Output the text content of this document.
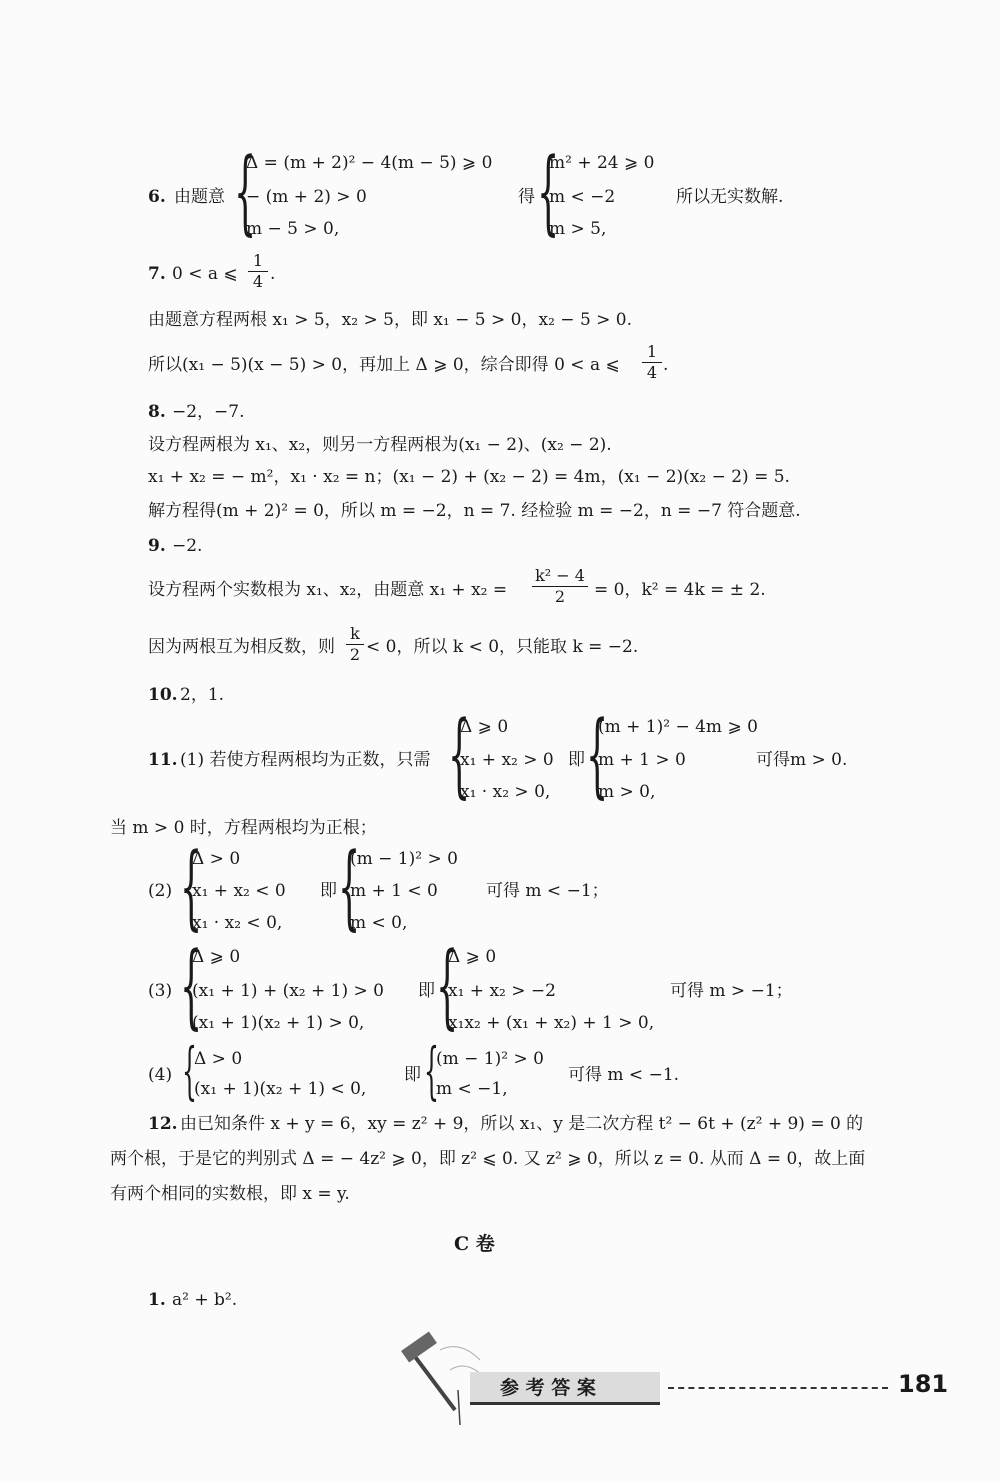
6. 由题意 {
Δ = (m + 2)² − 4(m − 5) ⩾ 0
− (m + 2) > 0
m − 5 > 0,
得 {
m² + 24 ⩾ 0
m < −2
m > 5,
所以无实数解.
7. 0 < a ⩽
1
4 .
由题意方程两根 x₁ > 5，x₂ > 5，即 x₁ − 5 > 0，x₂ − 5 > 0.
所以(x₁ − 5)(x − 5) > 0，再加上 Δ ⩾ 0，综合即得 0 < a ⩽
1
4 .
8. −2，−7.
设方程两根为 x₁、x₂，则另一方程两根为(x₁ − 2)、(x₂ − 2).
x₁ + x₂ = − m²，x₁ · x₂ = n；(x₁ − 2) + (x₂ − 2) = 4m，(x₁ − 2)(x₂ − 2) = 5.
解方程得(m + 2)² = 0，所以 m = −2，n = 7. 经检验 m = −2，n = −7 符合题意.
9. −2.
设方程两个实数根为 x₁、x₂，由题意 x₁ + x₂ =
k² − 4
2	= 0，k² = 4k = ± 2.
因为两根互为相反数，则
k
2 < 0，所以 k < 0，只能取 k = −2.
10. 2，1.
11. (1) 若使方程两根均为正数，只需 {
Δ ⩾ 0
x₁ + x₂ > 0
x₁ · x₂ > 0,
即 {
(m + 1)² − 4m ⩾ 0
m + 1 > 0
m > 0,
可得m > 0.
当 m > 0 时，方程两根均为正根；
(2) {
Δ > 0
x₁ + x₂ < 0
x₁ · x₂ < 0,
即 {
(m − 1)² > 0
m + 1 < 0
m < 0,
可得 m < −1；
(3) {
Δ ⩾ 0
(x₁ + 1) + (x₂ + 1) > 0
(x₁ + 1)(x₂ + 1) > 0,
即 {
Δ ⩾ 0
x₁ + x₂ > −2
x₁x₂ + (x₁ + x₂) + 1 > 0,
可得 m > −1；
(4) {
Δ > 0
(x₁ + 1)(x₂ + 1) < 0,
即 {
(m − 1)² > 0
m < −1,
可得 m < −1.
12. 由已知条件 x + y = 6，xy = z² + 9，所以 x₁、y 是二次方程 t² − 6t + (z² + 9) = 0 的
两个根，于是它的判别式 Δ = − 4z² ⩾ 0，即 z² ⩽ 0. 又 z² ⩾ 0，所以 z = 0. 从而 Δ = 0，故上面
有两个相同的实数根，即 x = y.
C 卷
1. a² + b².
参 考 答 案	181
